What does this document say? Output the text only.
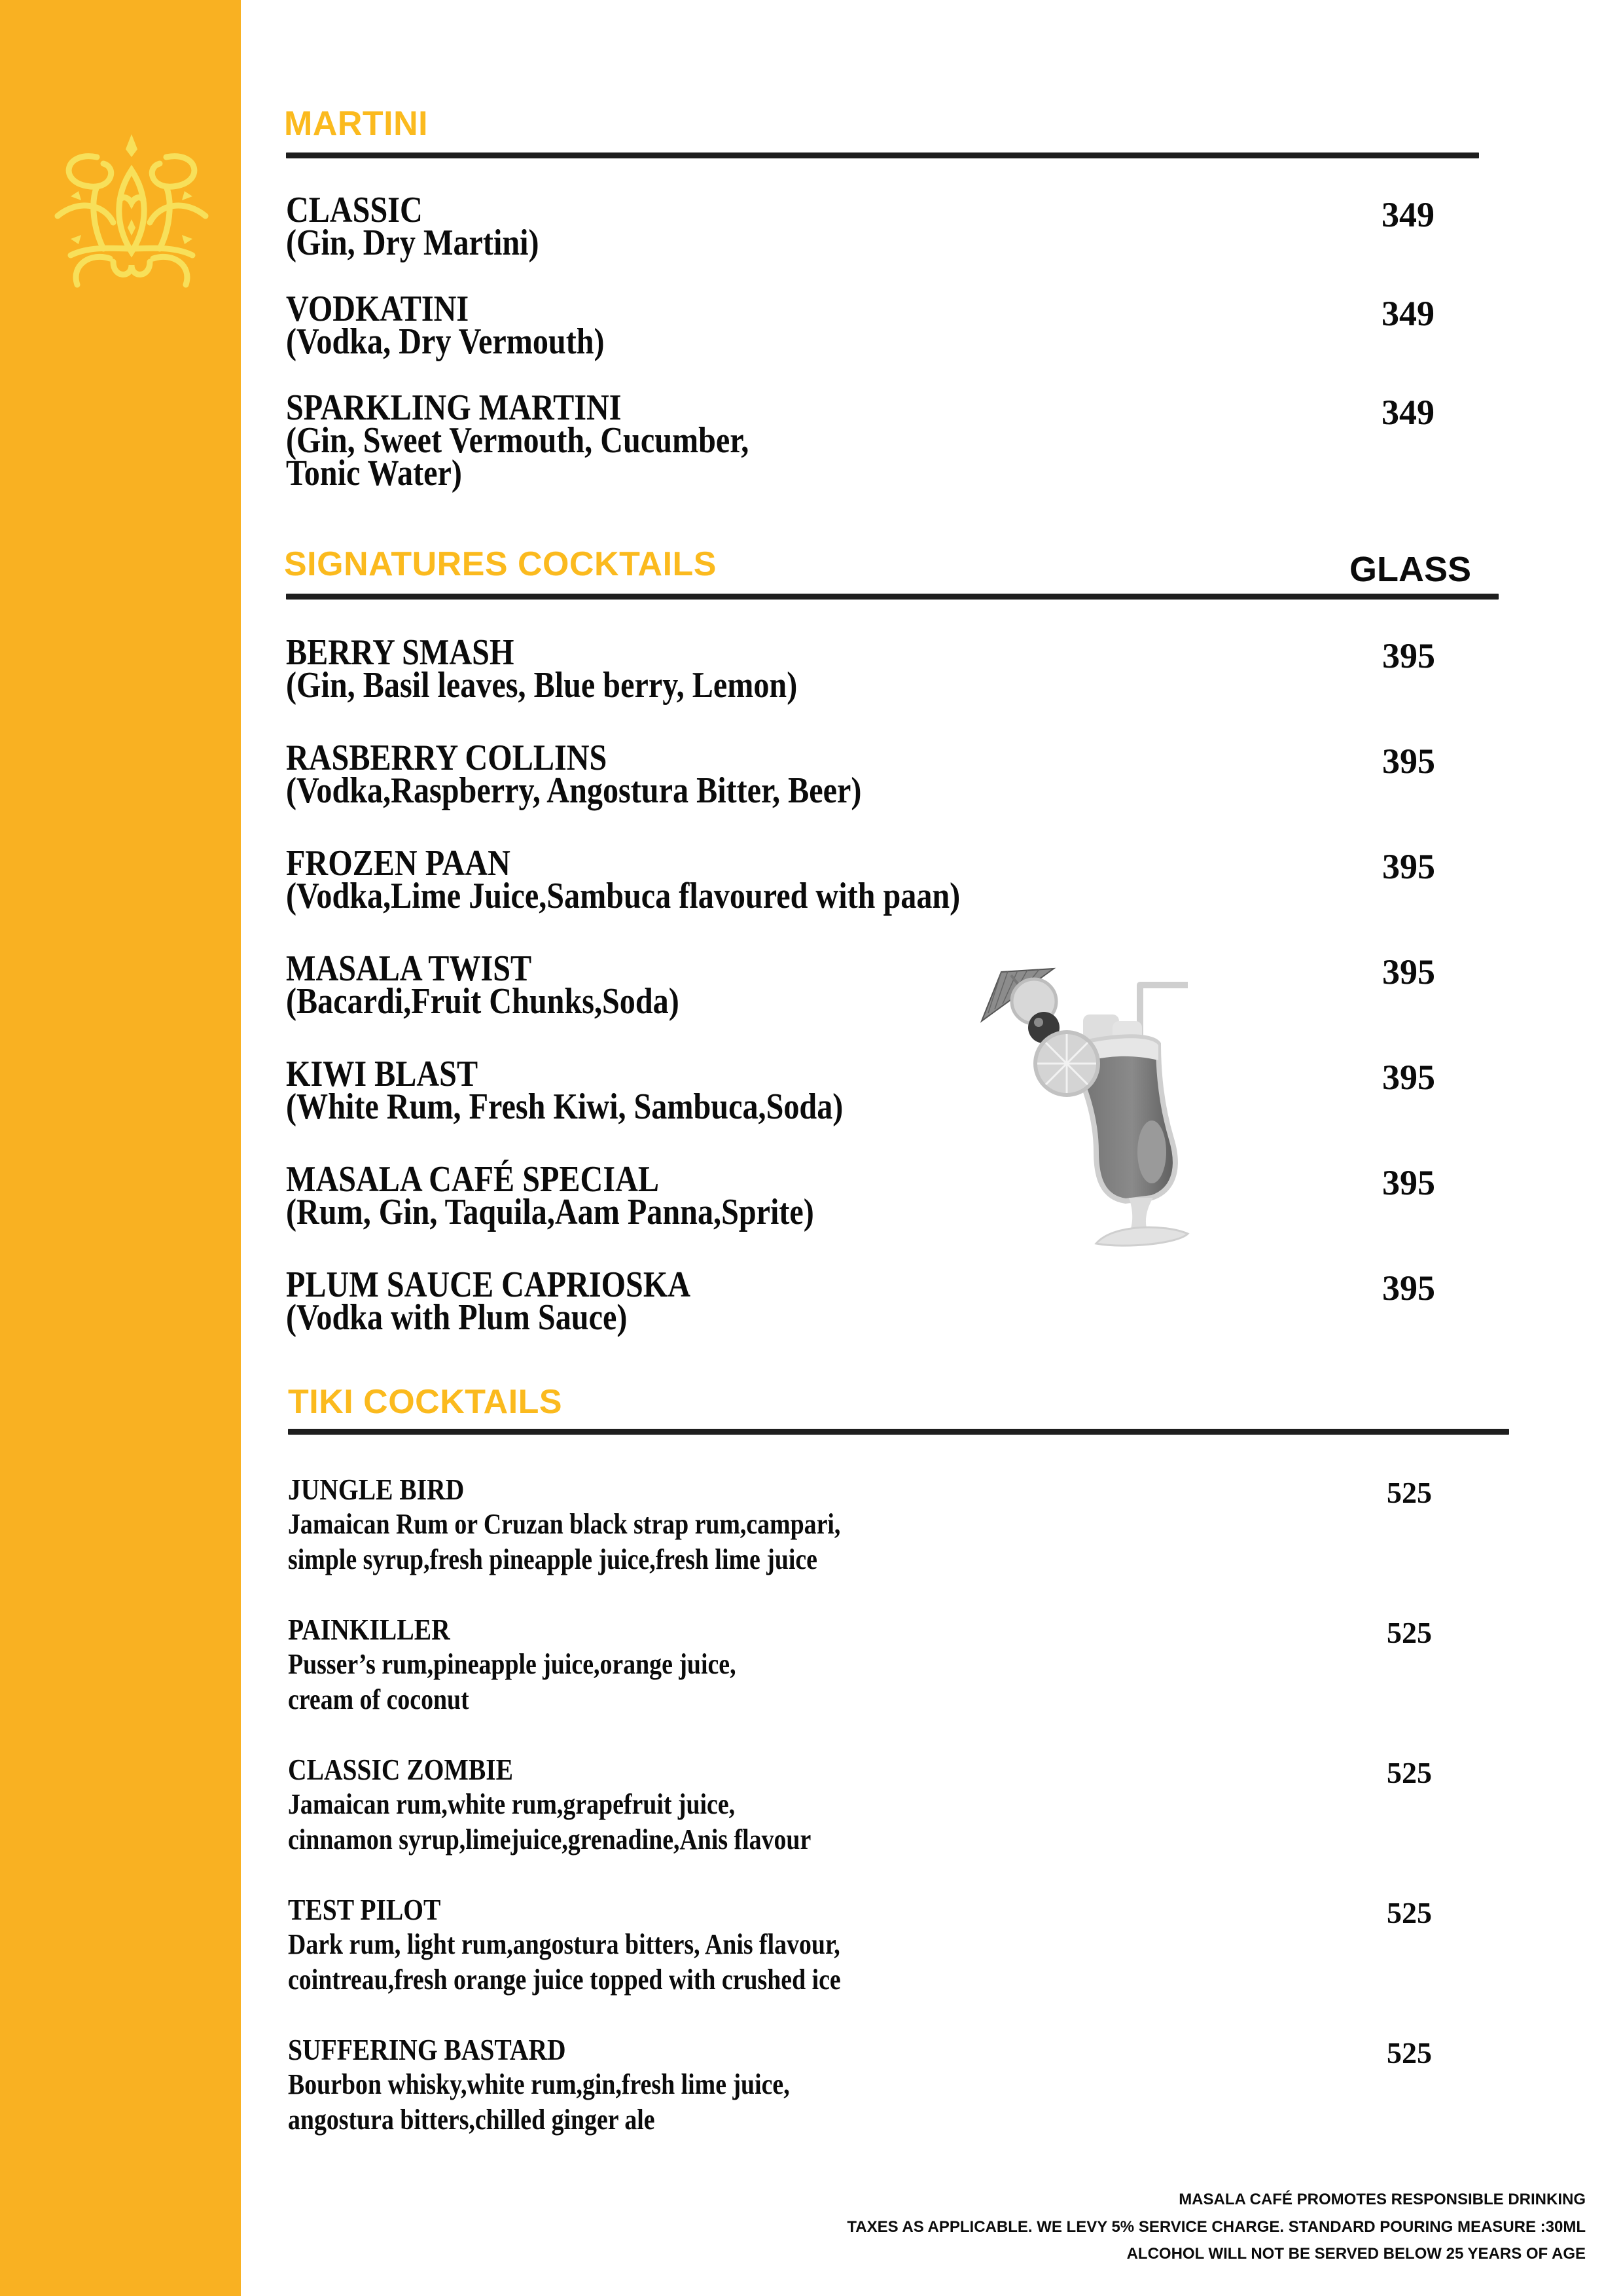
MARTINI
CLASSIC
(Gin, Dry Martini)
349
VODKATINI
(Vodka, Dry Vermouth)
349
SPARKLING MARTINI
(Gin, Sweet Vermouth, Cucumber,
Tonic Water)
349
SIGNATURES COCKTAILS	GLASS
BERRY SMASH
(Gin, Basil leaves, Blue berry, Lemon)
395
RASBERRY COLLINS
(Vodka,Raspberry, Angostura Bitter, Beer)
395
FROZEN PAAN
(Vodka,Lime Juice,Sambuca flavoured with paan)
395
MASALA TWIST
(Bacardi,Fruit Chunks,Soda)
395
KIWI BLAST
(White Rum, Fresh Kiwi, Sambuca,Soda)
395
MASALA CAFÉ SPECIAL
(Rum, Gin, Taquila,Aam Panna,Sprite)
395
PLUM SAUCE CAPRIOSKA
(Vodka with Plum Sauce)
395
TIKI COCKTAILS
JUNGLE BIRD
Jamaican Rum or Cruzan black strap rum,campari,
simple syrup,fresh pineapple juice,fresh lime juice
525
PAINKILLER
Pusser’s rum,pineapple juice,orange juice,
cream of coconut
525
CLASSIC ZOMBIE
Jamaican rum,white rum,grapefruit juice,
cinnamon syrup,limejuice,grenadine,Anis flavour
525
TEST PILOT
Dark rum, light rum,angostura bitters, Anis flavour,
cointreau,fresh orange juice topped with crushed ice
525
SUFFERING BASTARD
Bourbon whisky,white rum,gin,fresh lime juice,
angostura bitters,chilled ginger ale
525
MASALA CAFÉ PROMOTES RESPONSIBLE DRINKING
TAXES AS APPLICABLE. WE LEVY 5% SERVICE CHARGE. STANDARD POURING MEASURE :30ML
ALCOHOL WILL NOT BE SERVED BELOW 25 YEARS OF AGE
